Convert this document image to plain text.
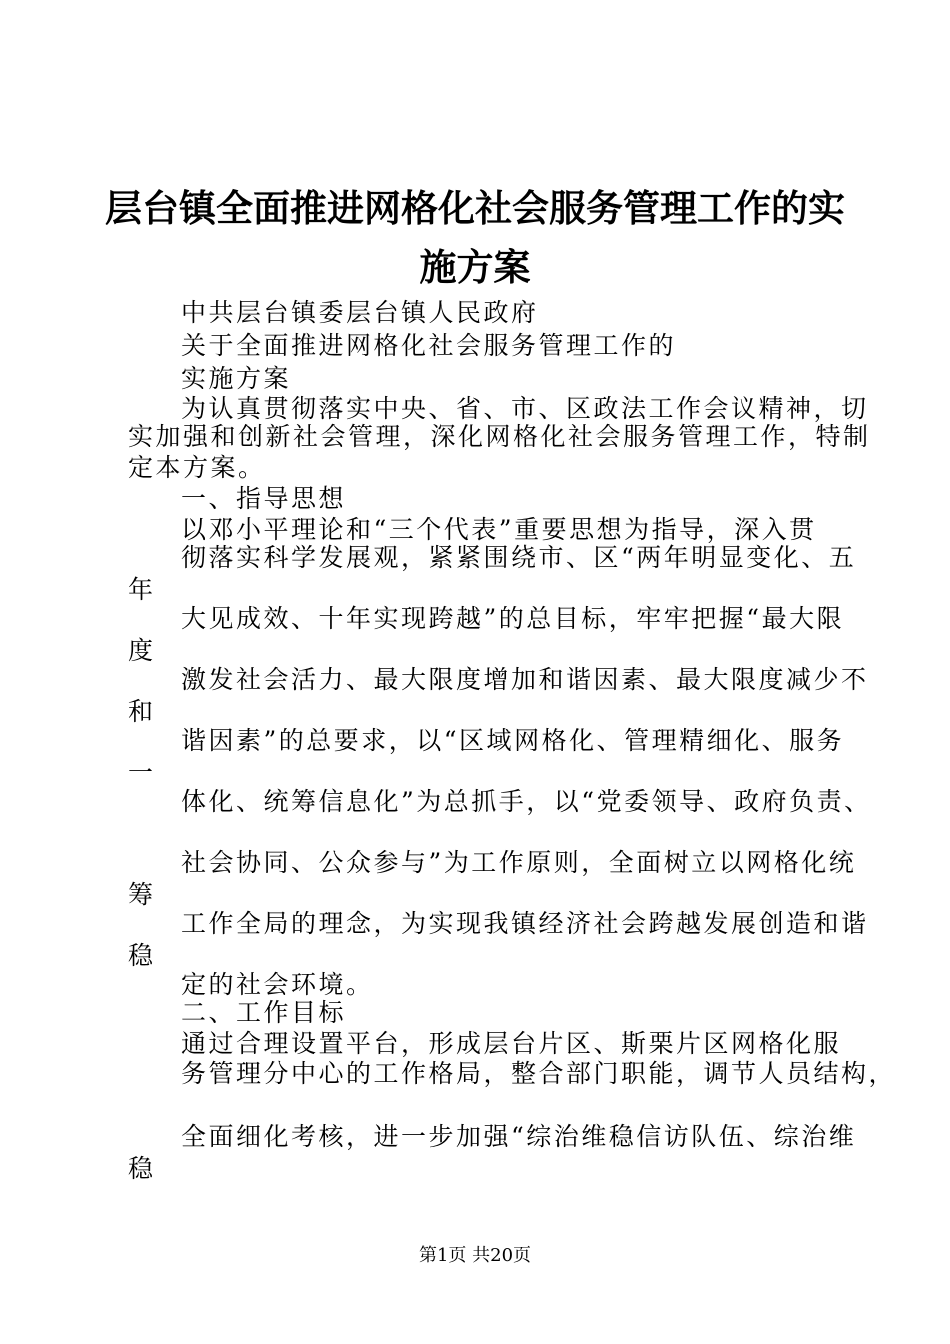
层台镇全面推进网格化社会服务管理工作的实
施方案
中共层台镇委层台镇人民政府
关于全面推进网格化社会服务管理工作的
实施方案
为认真贯彻落实中央、省、市、区政法工作会议精神，切
实加强和创新社会管理，深化网格化社会服务管理工作，特制
定本方案。
一、指导思想
以邓小平理论和“三个代表”重要思想为指导，深入贯
彻落实科学发展观，紧紧围绕市、区“两年明显变化、五
年
大见成效、十年实现跨越”的总目标，牢牢把握“最大限
度
激发社会活力、最大限度增加和谐因素、最大限度减少不
和
谐因素”的总要求，以“区域网格化、管理精细化、服务
一
体化、统筹信息化”为总抓手，以“党委领导、政府负责、
社会协同、公众参与”为工作原则，全面树立以网格化统
筹
工作全局的理念，为实现我镇经济社会跨越发展创造和谐
稳
定的社会环境。
二、工作目标
通过合理设置平台，形成层台片区、斯栗片区网格化服
务管理分中心的工作格局，整合部门职能，调节人员结构，
全面细化考核，进一步加强“综治维稳信访队伍、综治维
稳
第1页 共20页
